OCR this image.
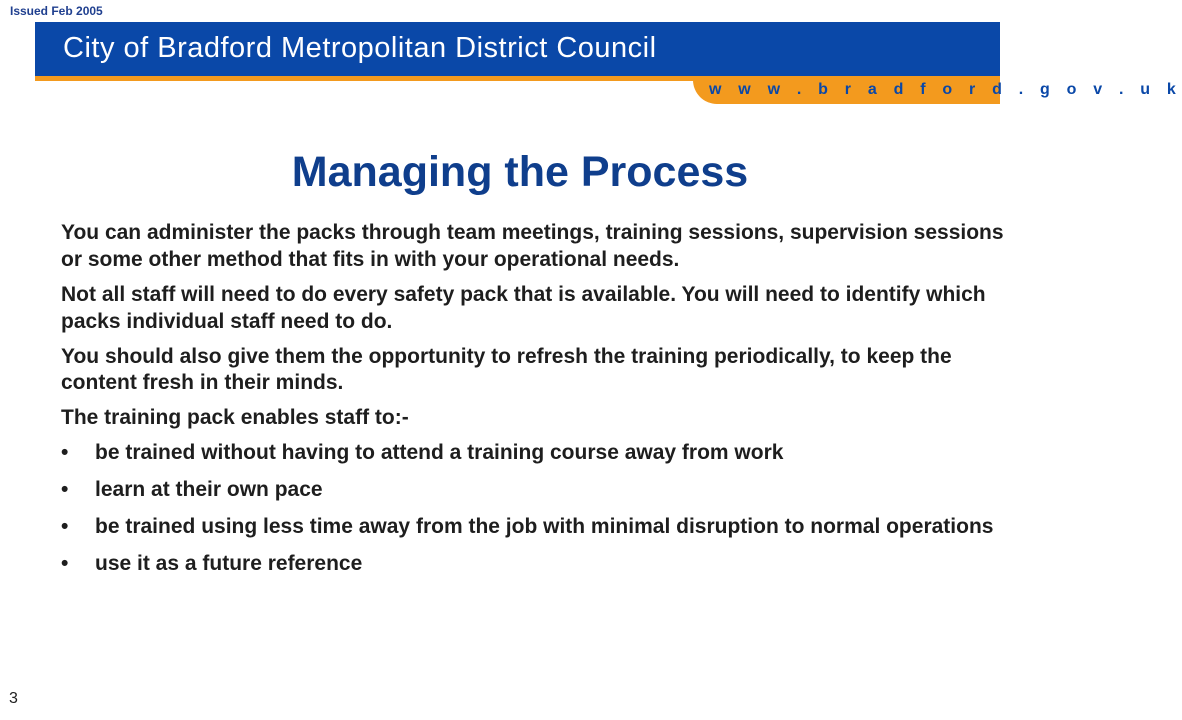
Issued Feb 2005
City of Bradford Metropolitan District Council
w w w . b r a d f o r d . g o v . u k
Managing the Process

You can administer the packs through team meetings, training sessions, supervision sessions or some other method that fits in with your operational needs.

Not all staff will need to do every safety pack that is available. You will need to identify which packs individual staff need to do.

You should also give them the opportunity to refresh the training periodically, to keep the content fresh in their minds.

The training pack enables staff to:-

• be trained without having to attend a training course away from work
• learn at their own pace
• be trained using less time away from the job with minimal disruption to normal operations
• use it as a future reference
3
